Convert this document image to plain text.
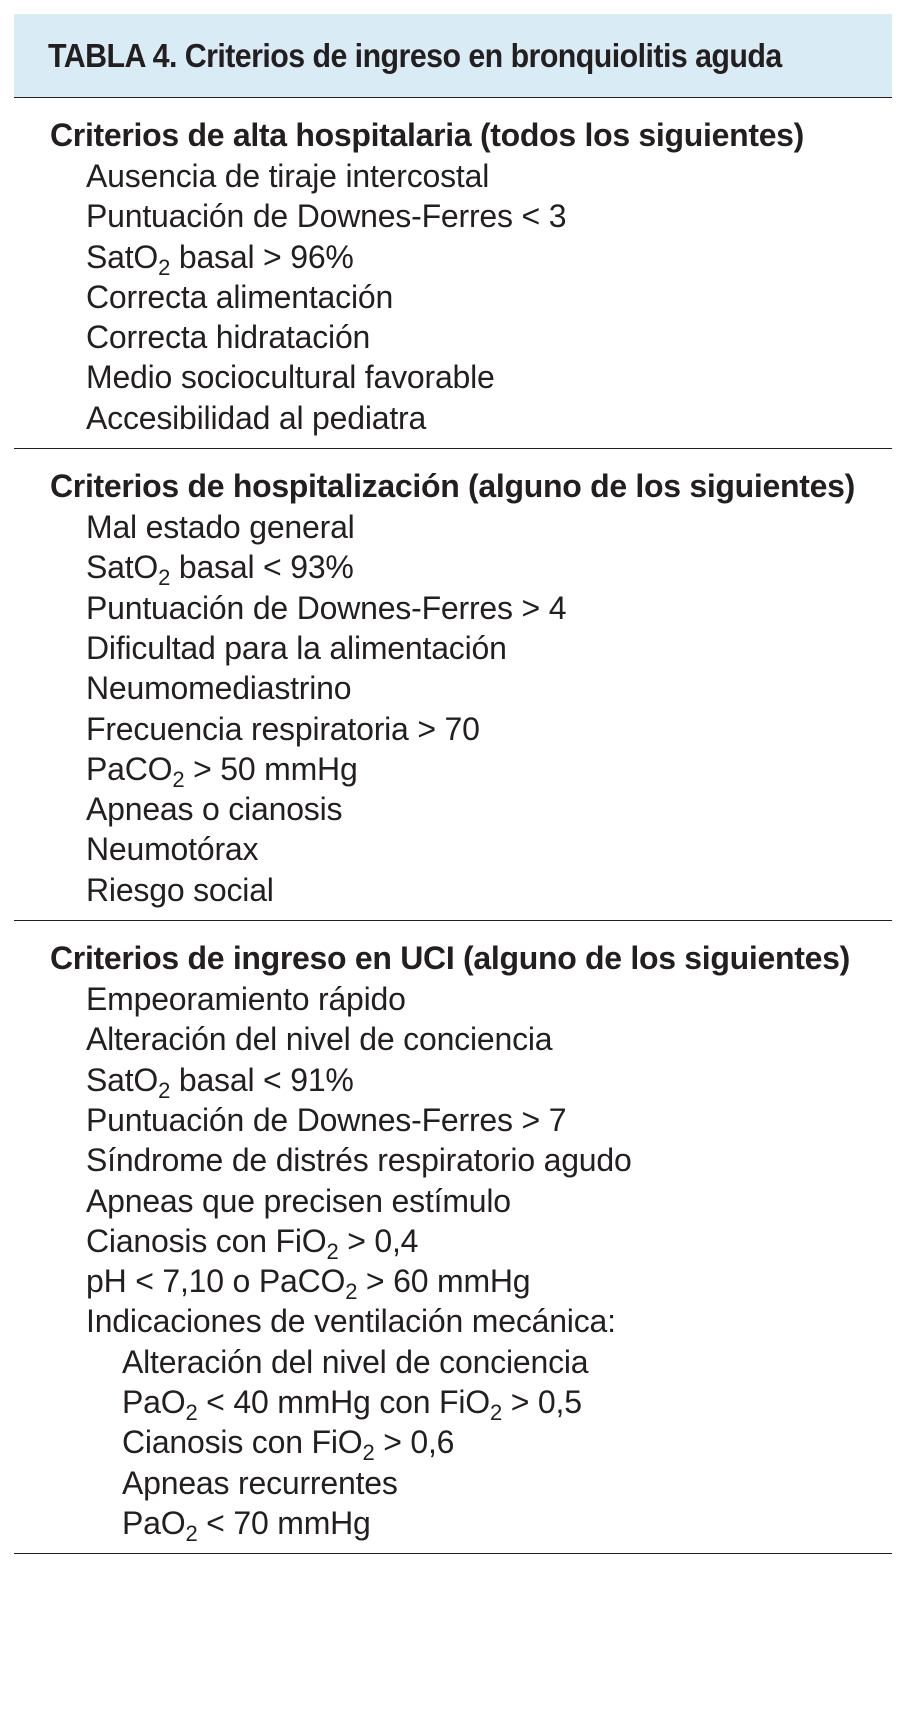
TABLA 4. Criterios de ingreso en bronquiolitis aguda
Criterios de alta hospitalaria (todos los siguientes)
Ausencia de tiraje intercostal
Puntuación de Downes-Ferres < 3
SatO$_2$ basal > 96%
Correcta alimentación
Correcta hidratación
Medio sociocultural favorable
Accesibilidad al pediatra
Criterios de hospitalización (alguno de los siguientes)
Mal estado general
SatO$_2$ basal < 93%
Puntuación de Downes-Ferres > 4
Dificultad para la alimentación
Neumomediastrino
Frecuencia respiratoria > 70
PaCO$_2$ > 50 mmHg
Apneas o cianosis
Neumotórax
Riesgo social
Criterios de ingreso en UCI (alguno de los siguientes)
Empeoramiento rápido
Alteración del nivel de conciencia
SatO$_2$ basal < 91%
Puntuación de Downes-Ferres > 7
Síndrome de distrés respiratorio agudo
Apneas que precisen estímulo
Cianosis con FiO$_2$ > 0,4
pH < 7,10 o PaCO$_2$ > 60 mmHg
Indicaciones de ventilación mecánica:
Alteración del nivel de conciencia
PaO$_2$ < 40 mmHg con FiO$_2$ > 0,5
Cianosis con FiO$_2$ > 0,6
Apneas recurrentes
PaO$_2$ < 70 mmHg
